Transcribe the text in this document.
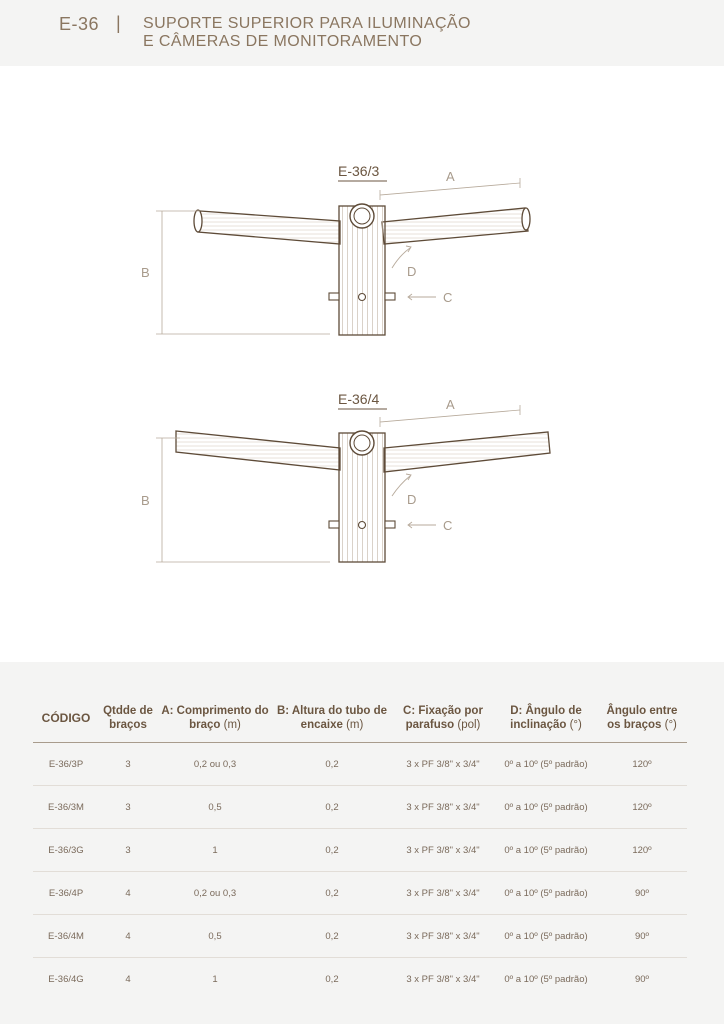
E-36 | SUPORTE SUPERIOR PARA ILUMINAÇÃO
E CÂMERAS DE MONITORAMENTO
E-36/3	A
B	D
C
E-36/4	A
B	D
C
CÓDIGO	Qtdde de braços	A: Comprimento do braço (m)	B: Altura do tubo de encaixe (m)	C: Fixação por parafuso (pol)	D: Ângulo de inclinação (°)	Ângulo entre os braços (°)
E-36/3P	3	0,2 ou 0,3	0,2	3 x PF 3/8" x 3/4"	0º a 10º (5º padrão)	120º
E-36/3M	3	0,5	0,2	3 x PF 3/8" x 3/4"	0º a 10º (5º padrão)	120º
E-36/3G	3	1	0,2	3 x PF 3/8" x 3/4"	0º a 10º (5º padrão)	120º
E-36/4P	4	0,2 ou 0,3	0,2	3 x PF 3/8" x 3/4"	0º a 10º (5º padrão)	90º
E-36/4M	4	0,5	0,2	3 x PF 3/8" x 3/4"	0º a 10º (5º padrão)	90º
E-36/4G	4	1	0,2	3 x PF 3/8" x 3/4"	0º a 10º (5º padrão)	90º
